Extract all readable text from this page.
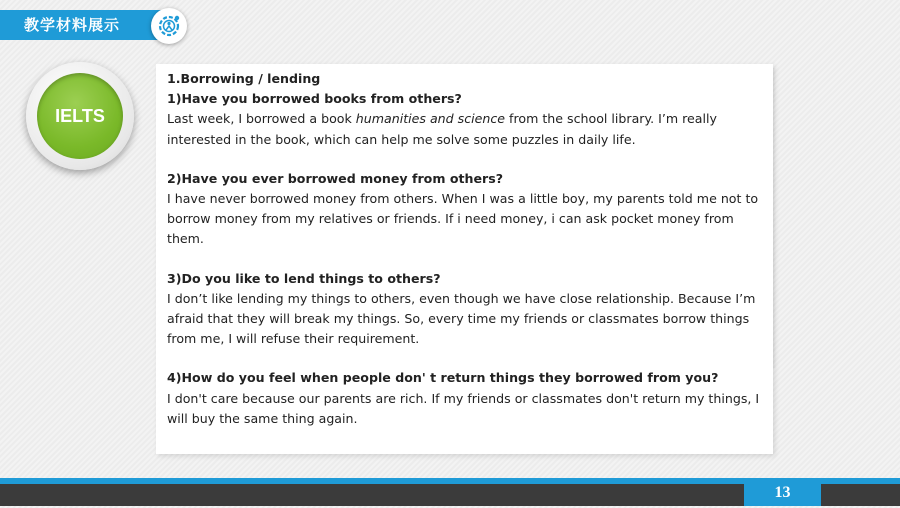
教学材料展示
IELTS

1.Borrowing / lending

1)Have you borrowed books from others?

Last week, I borrowed a book humanities and science from the school library. I’m really interested in the book, which can help me solve some puzzles in daily life.

2)Have you ever borrowed money from others?

I have never borrowed money from others. When I was a little boy, my parents told me not to borrow money from my relatives or friends. If i need money, i can ask pocket money from them.

3)Do you like to lend things to others?

I don’t like lending my things to others, even though we have close relationship. Because I’m afraid that they will break my things. So, every time my friends or classmates borrow things from me, I will refuse their requirement.

4)How do you feel when people don' t return things they borrowed from you?

I don't care because our parents are rich. If my friends or classmates don't return my things, I will buy the same thing again.

13
